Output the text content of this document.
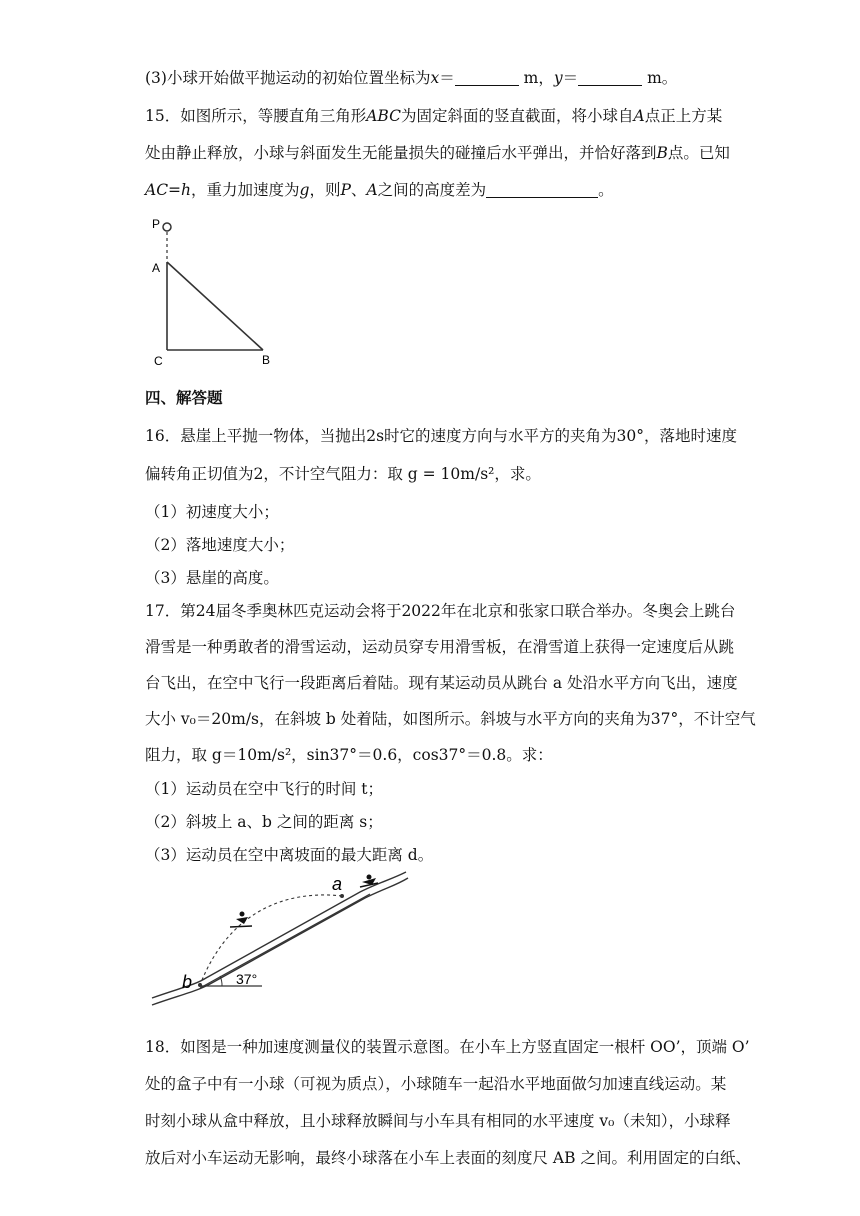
(3)小球开始做平抛运动的初始位置坐标为x＝	m，y＝	m。
15．如图所示，等腰直角三角形ABC为固定斜面的竖直截面，将小球自A点正上方某
处由静止释放，小球与斜面发生无能量损失的碰撞后水平弹出，并恰好落到B点。已知
AC=h，重力加速度为g，则P、A之间的高度差为	。
P
A
C	B
四、解答题
16．悬崖上平抛一物体，当抛出2s时它的速度方向与水平方的夹角为30°，落地时速度
偏转角正切值为2，不计空气阻力：取 g = 10m/s²，求。
（1）初速度大小；
（2）落地速度大小；
（3）悬崖的高度。
17．第24届冬季奥林匹克运动会将于2022年在北京和张家口联合举办。冬奥会上跳台
滑雪是一种勇敢者的滑雪运动，运动员穿专用滑雪板，在滑雪道上获得一定速度后从跳
台飞出，在空中飞行一段距离后着陆。现有某运动员从跳台 a 处沿水平方向飞出，速度
大小 v₀＝20m/s，在斜坡 b 处着陆，如图所示。斜坡与水平方向的夹角为37°，不计空气
阻力，取 g＝10m/s²，sin37°＝0.6，cos37°＝0.8。求：
（1）运动员在空中飞行的时间 t；
（2）斜坡上 a、b 之间的距离 s；
（3）运动员在空中离坡面的最大距离 d。
37°
a
b
18．如图是一种加速度测量仪的装置示意图。在小车上方竖直固定一根杆 OO’，顶端 O’
处的盒子中有一小球（可视为质点），小球随车一起沿水平地面做匀加速直线运动。某
时刻小球从盒中释放，且小球释放瞬间与小车具有相同的水平速度 v₀（未知），小球释
放后对小车运动无影响，最终小球落在小车上表面的刻度尺 AB 之间。利用固定的白纸、
